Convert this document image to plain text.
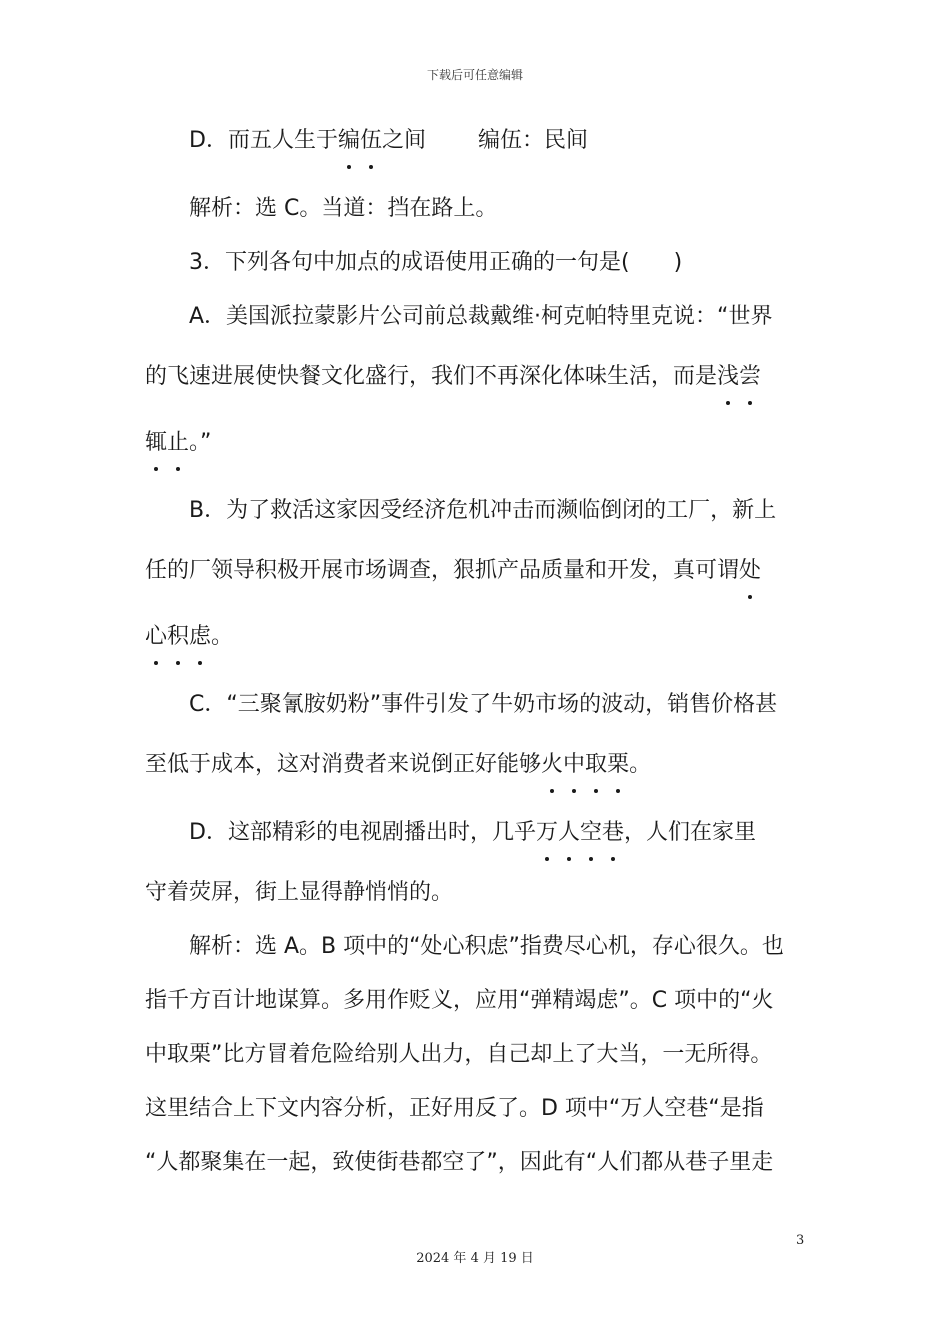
下载后可任意编辑
D．而五人生于编伍之间 编伍：民间
解析：选 C。当道：挡在路上。
3．下列各句中加点的成语使用正确的一句是(　　)
A．美国派拉蒙影片公司前总裁戴维·柯克帕特里克说：“世界
的飞速进展使快餐文化盛行，我们不再深化体味生活，而是浅尝
辄止。”
B．为了救活这家因受经济危机冲击而濒临倒闭的工厂，新上
任的厂领导积极开展市场调查，狠抓产品质量和开发，真可谓处
心积虑。
C．“三聚氰胺奶粉”事件引发了牛奶市场的波动，销售价格甚
至低于成本，这对消费者来说倒正好能够火中取栗。
D．这部精彩的电视剧播出时，几乎万人空巷，人们在家里
守着荧屏，街上显得静悄悄的。
解析：选 A。B 项中的“处心积虑”指费尽心机，存心很久。也
指千方百计地谋算。多用作贬义，应用“弹精竭虑”。C 项中的“火
中取栗”比方冒着危险给别人出力，自己却上了大当，一无所得。
这里结合上下文内容分析，正好用反了。D 项中“万人空巷“是指
“人都聚集在一起，致使街巷都空了”，因此有“人们都从巷子里走
3
2024 年 4 月 19 日
